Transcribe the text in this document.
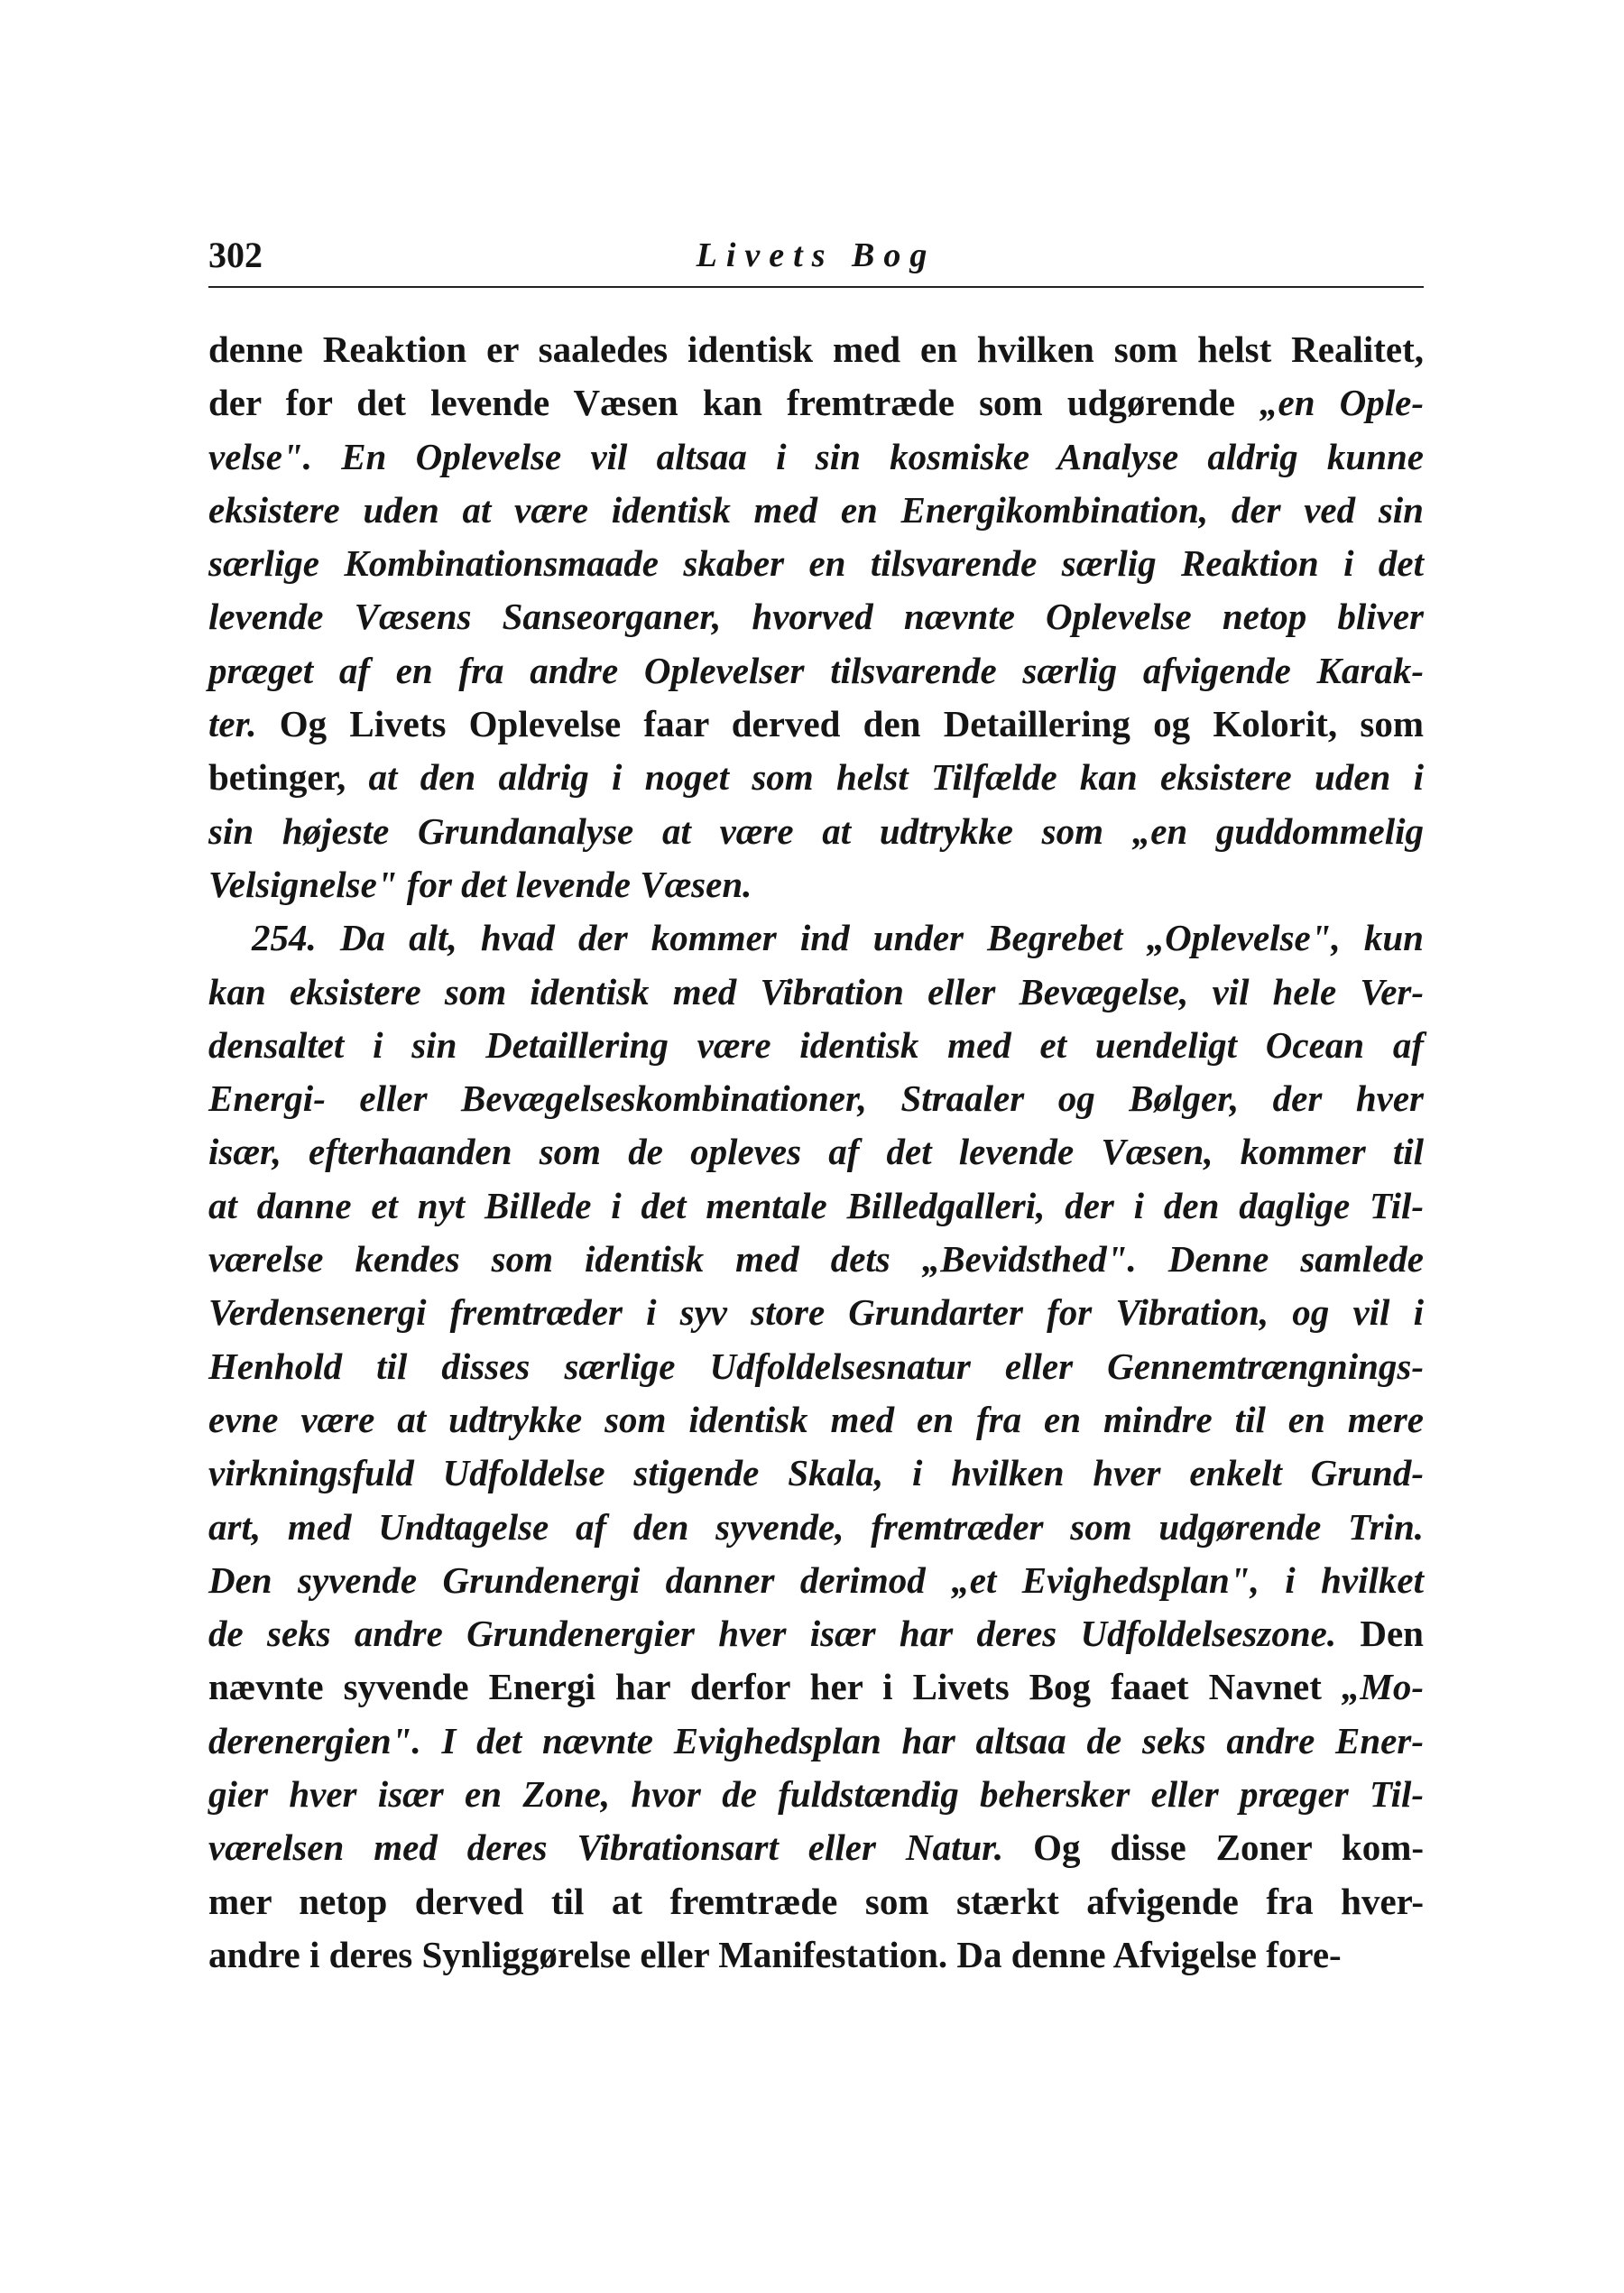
302	Livets Bog
denne Reaktion er saaledes identisk med en hvilken som helst Realitet,
der for det levende Væsen kan fremtræde som udgørende „en Ople-
velse". En Oplevelse vil altsaa i sin kosmiske Analyse aldrig kunne
eksistere uden at være identisk med en Energikombination, der ved sin
særlige Kombinationsmaade skaber en tilsvarende særlig Reaktion i det
levende Væsens Sanseorganer, hvorved nævnte Oplevelse netop bliver
præget af en fra andre Oplevelser tilsvarende særlig afvigende Karak-
ter. Og Livets Oplevelse faar derved den Detaillering og Kolorit, som
betinger, at den aldrig i noget som helst Tilfælde kan eksistere uden i
sin højeste Grundanalyse at være at udtrykke som „en guddommelig
Velsignelse" for det levende Væsen.
254. Da alt, hvad der kommer ind under Begrebet „Oplevelse", kun
kan eksistere som identisk med Vibration eller Bevægelse, vil hele Ver-
densaltet i sin Detaillering være identisk med et uendeligt Ocean af
Energi- eller Bevægelseskombinationer, Straaler og Bølger, der hver
især, efterhaanden som de opleves af det levende Væsen, kommer til
at danne et nyt Billede i det mentale Billedgalleri, der i den daglige Til-
værelse kendes som identisk med dets „Bevidsthed". Denne samlede
Verdensenergi fremtræder i syv store Grundarter for Vibration, og vil i
Henhold til disses særlige Udfoldelsesnatur eller Gennemtrængnings-
evne være at udtrykke som identisk med en fra en mindre til en mere
virkningsfuld Udfoldelse stigende Skala, i hvilken hver enkelt Grund-
art, med Undtagelse af den syvende, fremtræder som udgørende Trin.
Den syvende Grundenergi danner derimod „et Evighedsplan", i hvilket
de seks andre Grundenergier hver især har deres Udfoldelseszone. Den
nævnte syvende Energi har derfor her i Livets Bog faaet Navnet „Mo-
derenergien". I det nævnte Evighedsplan har altsaa de seks andre Ener-
gier hver især en Zone, hvor de fuldstændig behersker eller præger Til-
værelsen med deres Vibrationsart eller Natur. Og disse Zoner kom-
mer netop derved til at fremtræde som stærkt afvigende fra hver-
andre i deres Synliggørelse eller Manifestation. Da denne Afvigelse fore-
